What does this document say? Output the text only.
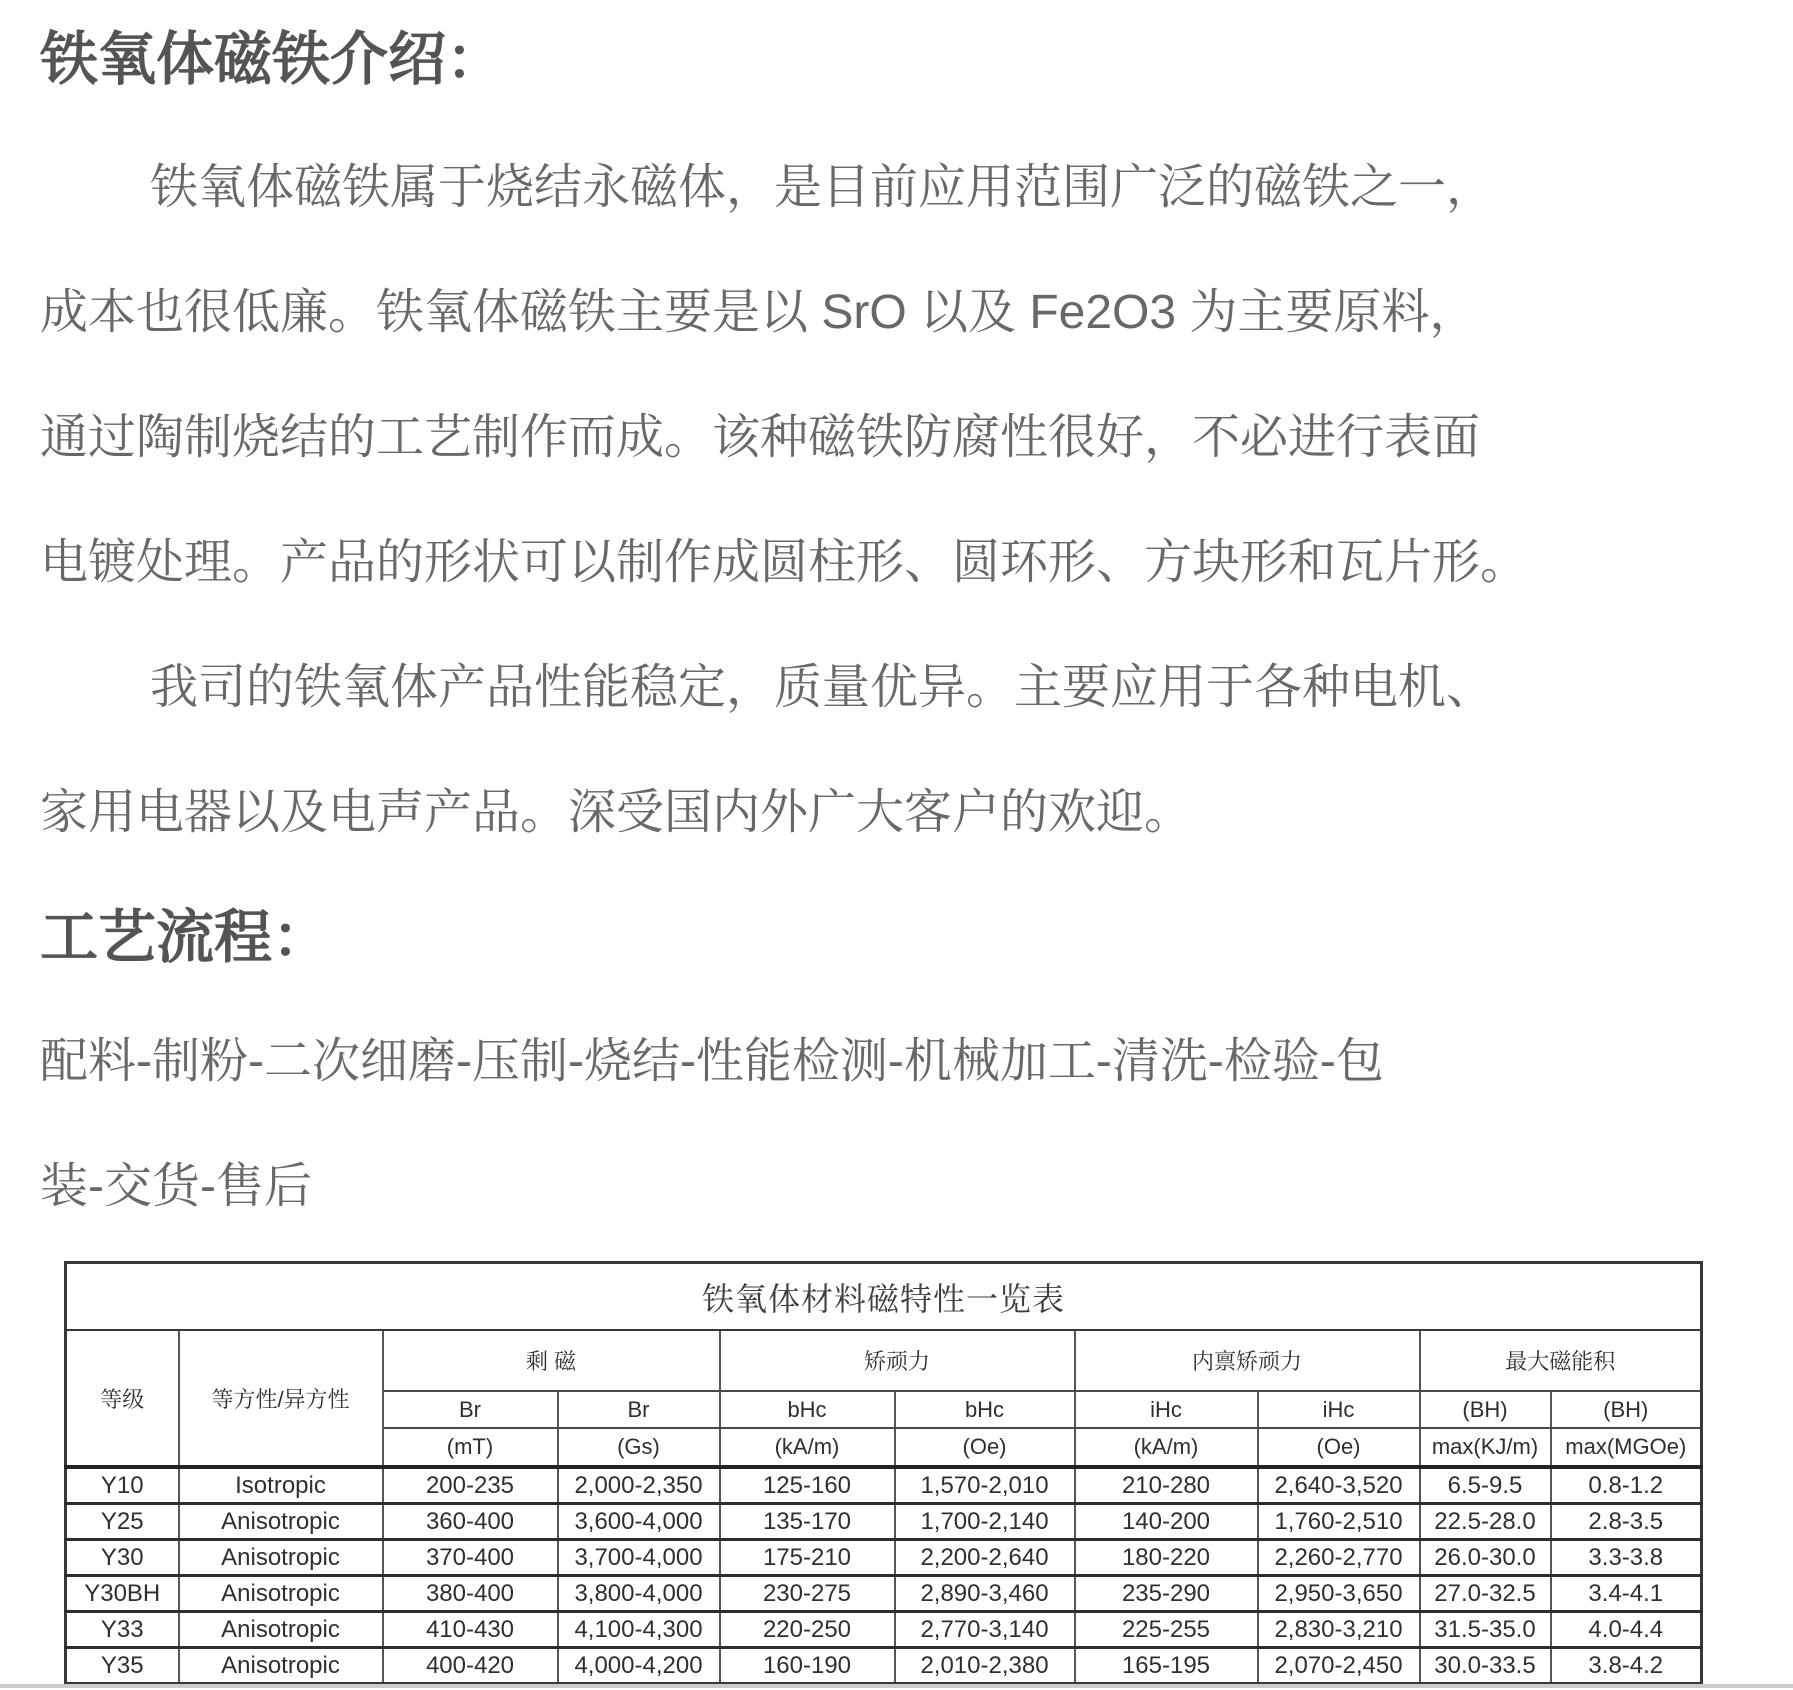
铁氧体磁铁介绍：
铁氧体磁铁属于烧结永磁体，是目前应用范围广泛的磁铁之一，
成本也很低廉。铁氧体磁铁主要是以 SrO 以及 Fe2O3 为主要原料，
通过陶制烧结的工艺制作而成。该种磁铁防腐性很好，不必进行表面
电镀处理。产品的形状可以制作成圆柱形、圆环形、方块形和瓦片形。
我司的铁氧体产品性能稳定，质量优异。主要应用于各种电机、
家用电器以及电声产品。深受国内外广大客户的欢迎。
工艺流程：
配料-制粉-二次细磨-压制-烧结-性能检测-机械加工-清洗-检验-包
装-交货-售后
铁氧体材料磁特性一览表									
等级	等方性/异方性	剩 磁		矫顽力		内禀矫顽力		最大磁能积	
		Br	Br	bHc	bHc	iHc	iHc	(BH)	(BH)
		(mT)	(Gs)	(kA/m)	(Oe)	(kA/m)	(Oe)	max(KJ/m)	max(MGOe)
Y10	Isotropic	200-235	2,000-2,350	125-160	1,570-2,010	210-280	2,640-3,520	6.5-9.5	0.8-1.2
Y25	Anisotropic	360-400	3,600-4,000	135-170	1,700-2,140	140-200	1,760-2,510	22.5-28.0	2.8-3.5
Y30	Anisotropic	370-400	3,700-4,000	175-210	2,200-2,640	180-220	2,260-2,770	26.0-30.0	3.3-3.8
Y30BH	Anisotropic	380-400	3,800-4,000	230-275	2,890-3,460	235-290	2,950-3,650	27.0-32.5	3.4-4.1
Y33	Anisotropic	410-430	4,100-4,300	220-250	2,770-3,140	225-255	2,830-3,210	31.5-35.0	4.0-4.4
Y35	Anisotropic	400-420	4,000-4,200	160-190	2,010-2,380	165-195	2,070-2,450	30.0-33.5	3.8-4.2
